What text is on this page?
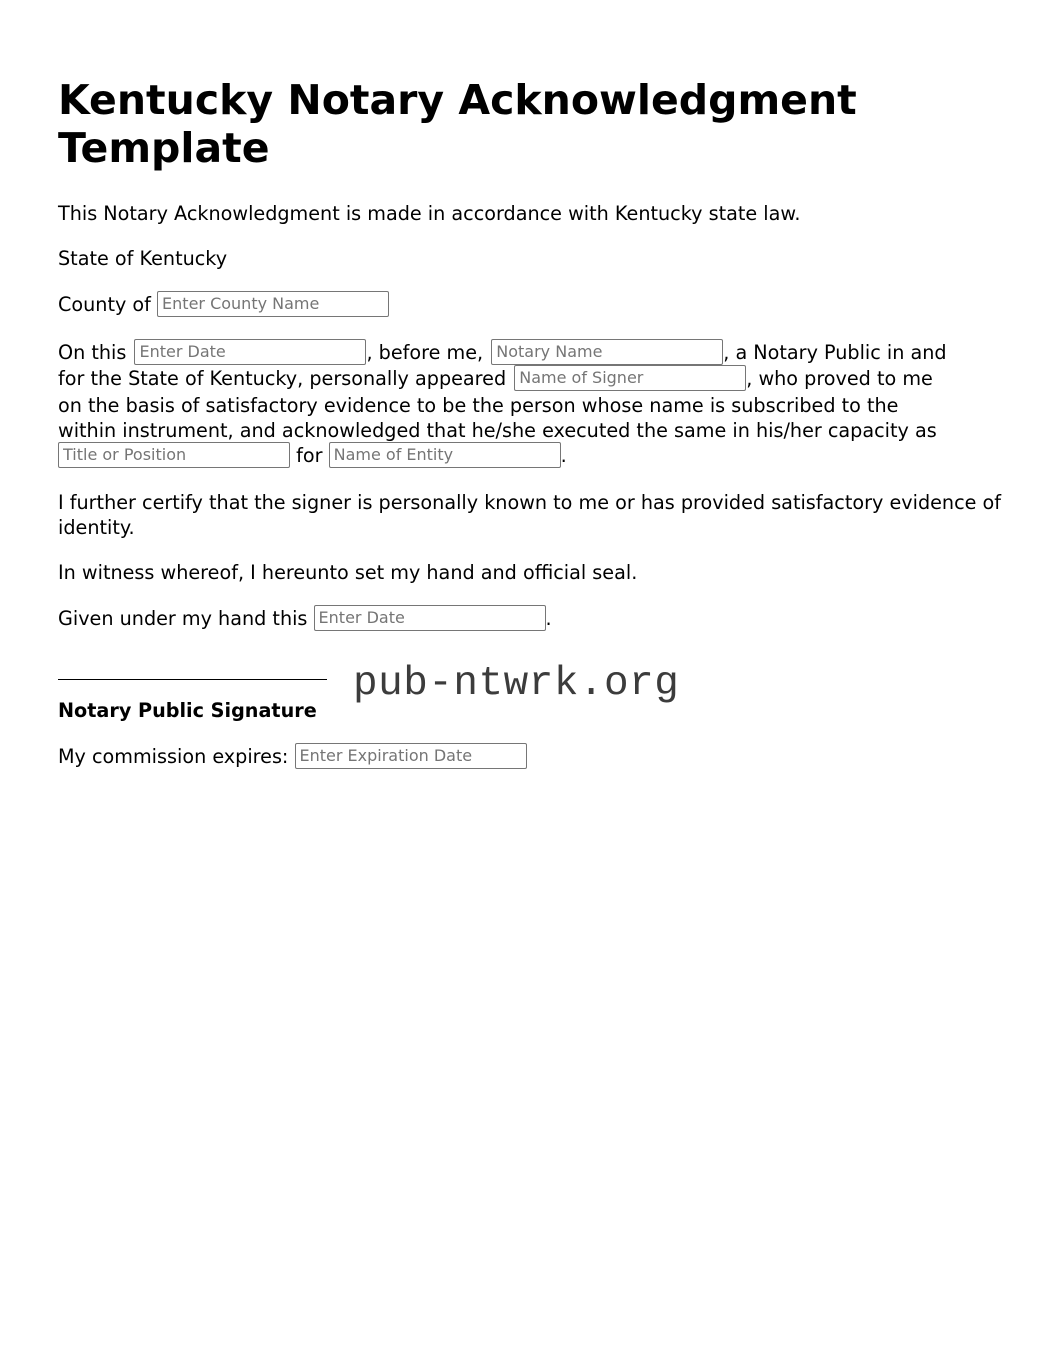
Kentucky Notary Acknowledgment Template

This Notary Acknowledgment is made in accordance with Kentucky state law.

State of Kentucky

County of Enter County Name

On this Enter Date	, before me, Notary Name	, a Notary Public in and

for the State of Kentucky, personally appeared Name of Signer	, who proved to me

on the basis of satisfactory evidence to be the person whose name is subscribed to the

within instrument, and acknowledged that he/she executed the same in his/her capacity as

Title or Position for Name of Entity	.

I further certify that the signer is personally known to me or has provided satisfactory evidence of identity.

In witness whereof, I hereunto set my hand and official seal.

Given under my hand this Enter Date	.

Notary Public Signature

My commission expires: Enter Expiration Date

pub-ntwrk.org
